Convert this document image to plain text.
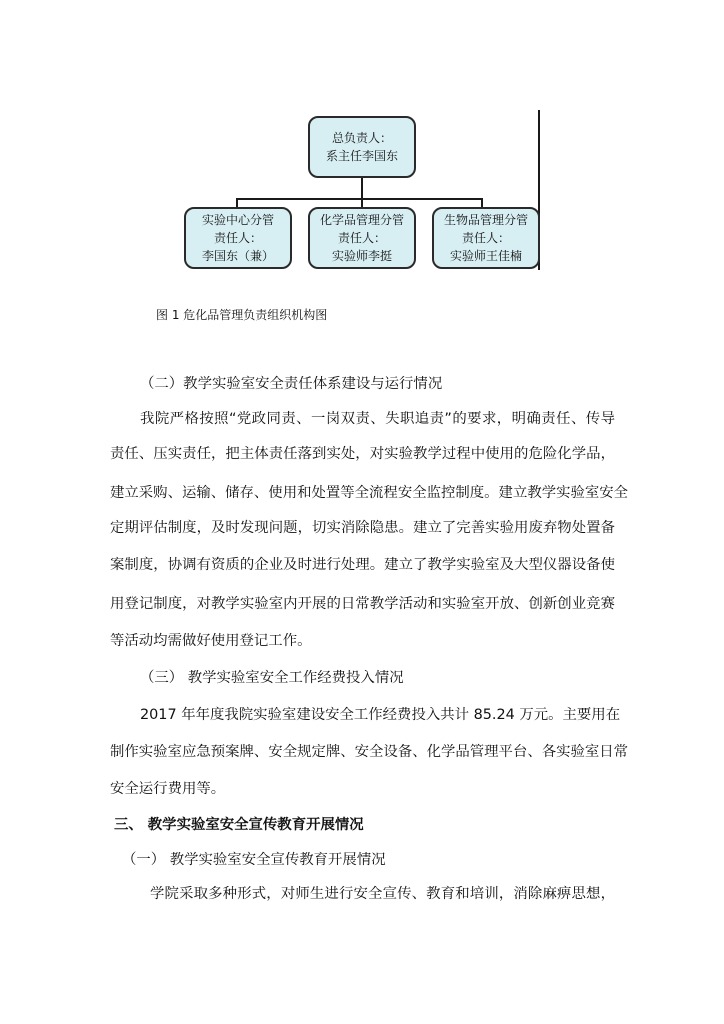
总负责人：
系主任李国东
实验中心分管
责任人：
李国东（兼）
化学品管理分管
责任人：
实验师李挺
生物品管理分管
责任人：
实验师王佳楠
图 1 危化品管理负责组织机构图
（二）教学实验室安全责任体系建设与运行情况
我院严格按照“党政同责、一岗双责、失职追责”的要求，明确责任、传导
责任、压实责任，把主体责任落到实处，对实验教学过程中使用的危险化学品，
建立采购、运输、储存、使用和处置等全流程安全监控制度。建立教学实验室安全
定期评估制度，及时发现问题，切实消除隐患。建立了完善实验用废弃物处置备
案制度，协调有资质的企业及时进行处理。建立了教学实验室及大型仪器设备使
用登记制度，对教学实验室内开展的日常教学活动和实验室开放、创新创业竞赛
等活动均需做好使用登记工作。
（三） 教学实验室安全工作经费投入情况
2017 年年度我院实验室建设安全工作经费投入共计 85.24 万元。主要用在
制作实验室应急预案牌、安全规定牌、安全设备、化学品管理平台、各实验室日常
安全运行费用等。
三、 教学实验室安全宣传教育开展情况
（一） 教学实验室安全宣传教育开展情况
学院采取多种形式，对师生进行安全宣传、教育和培训，消除麻痹思想，
